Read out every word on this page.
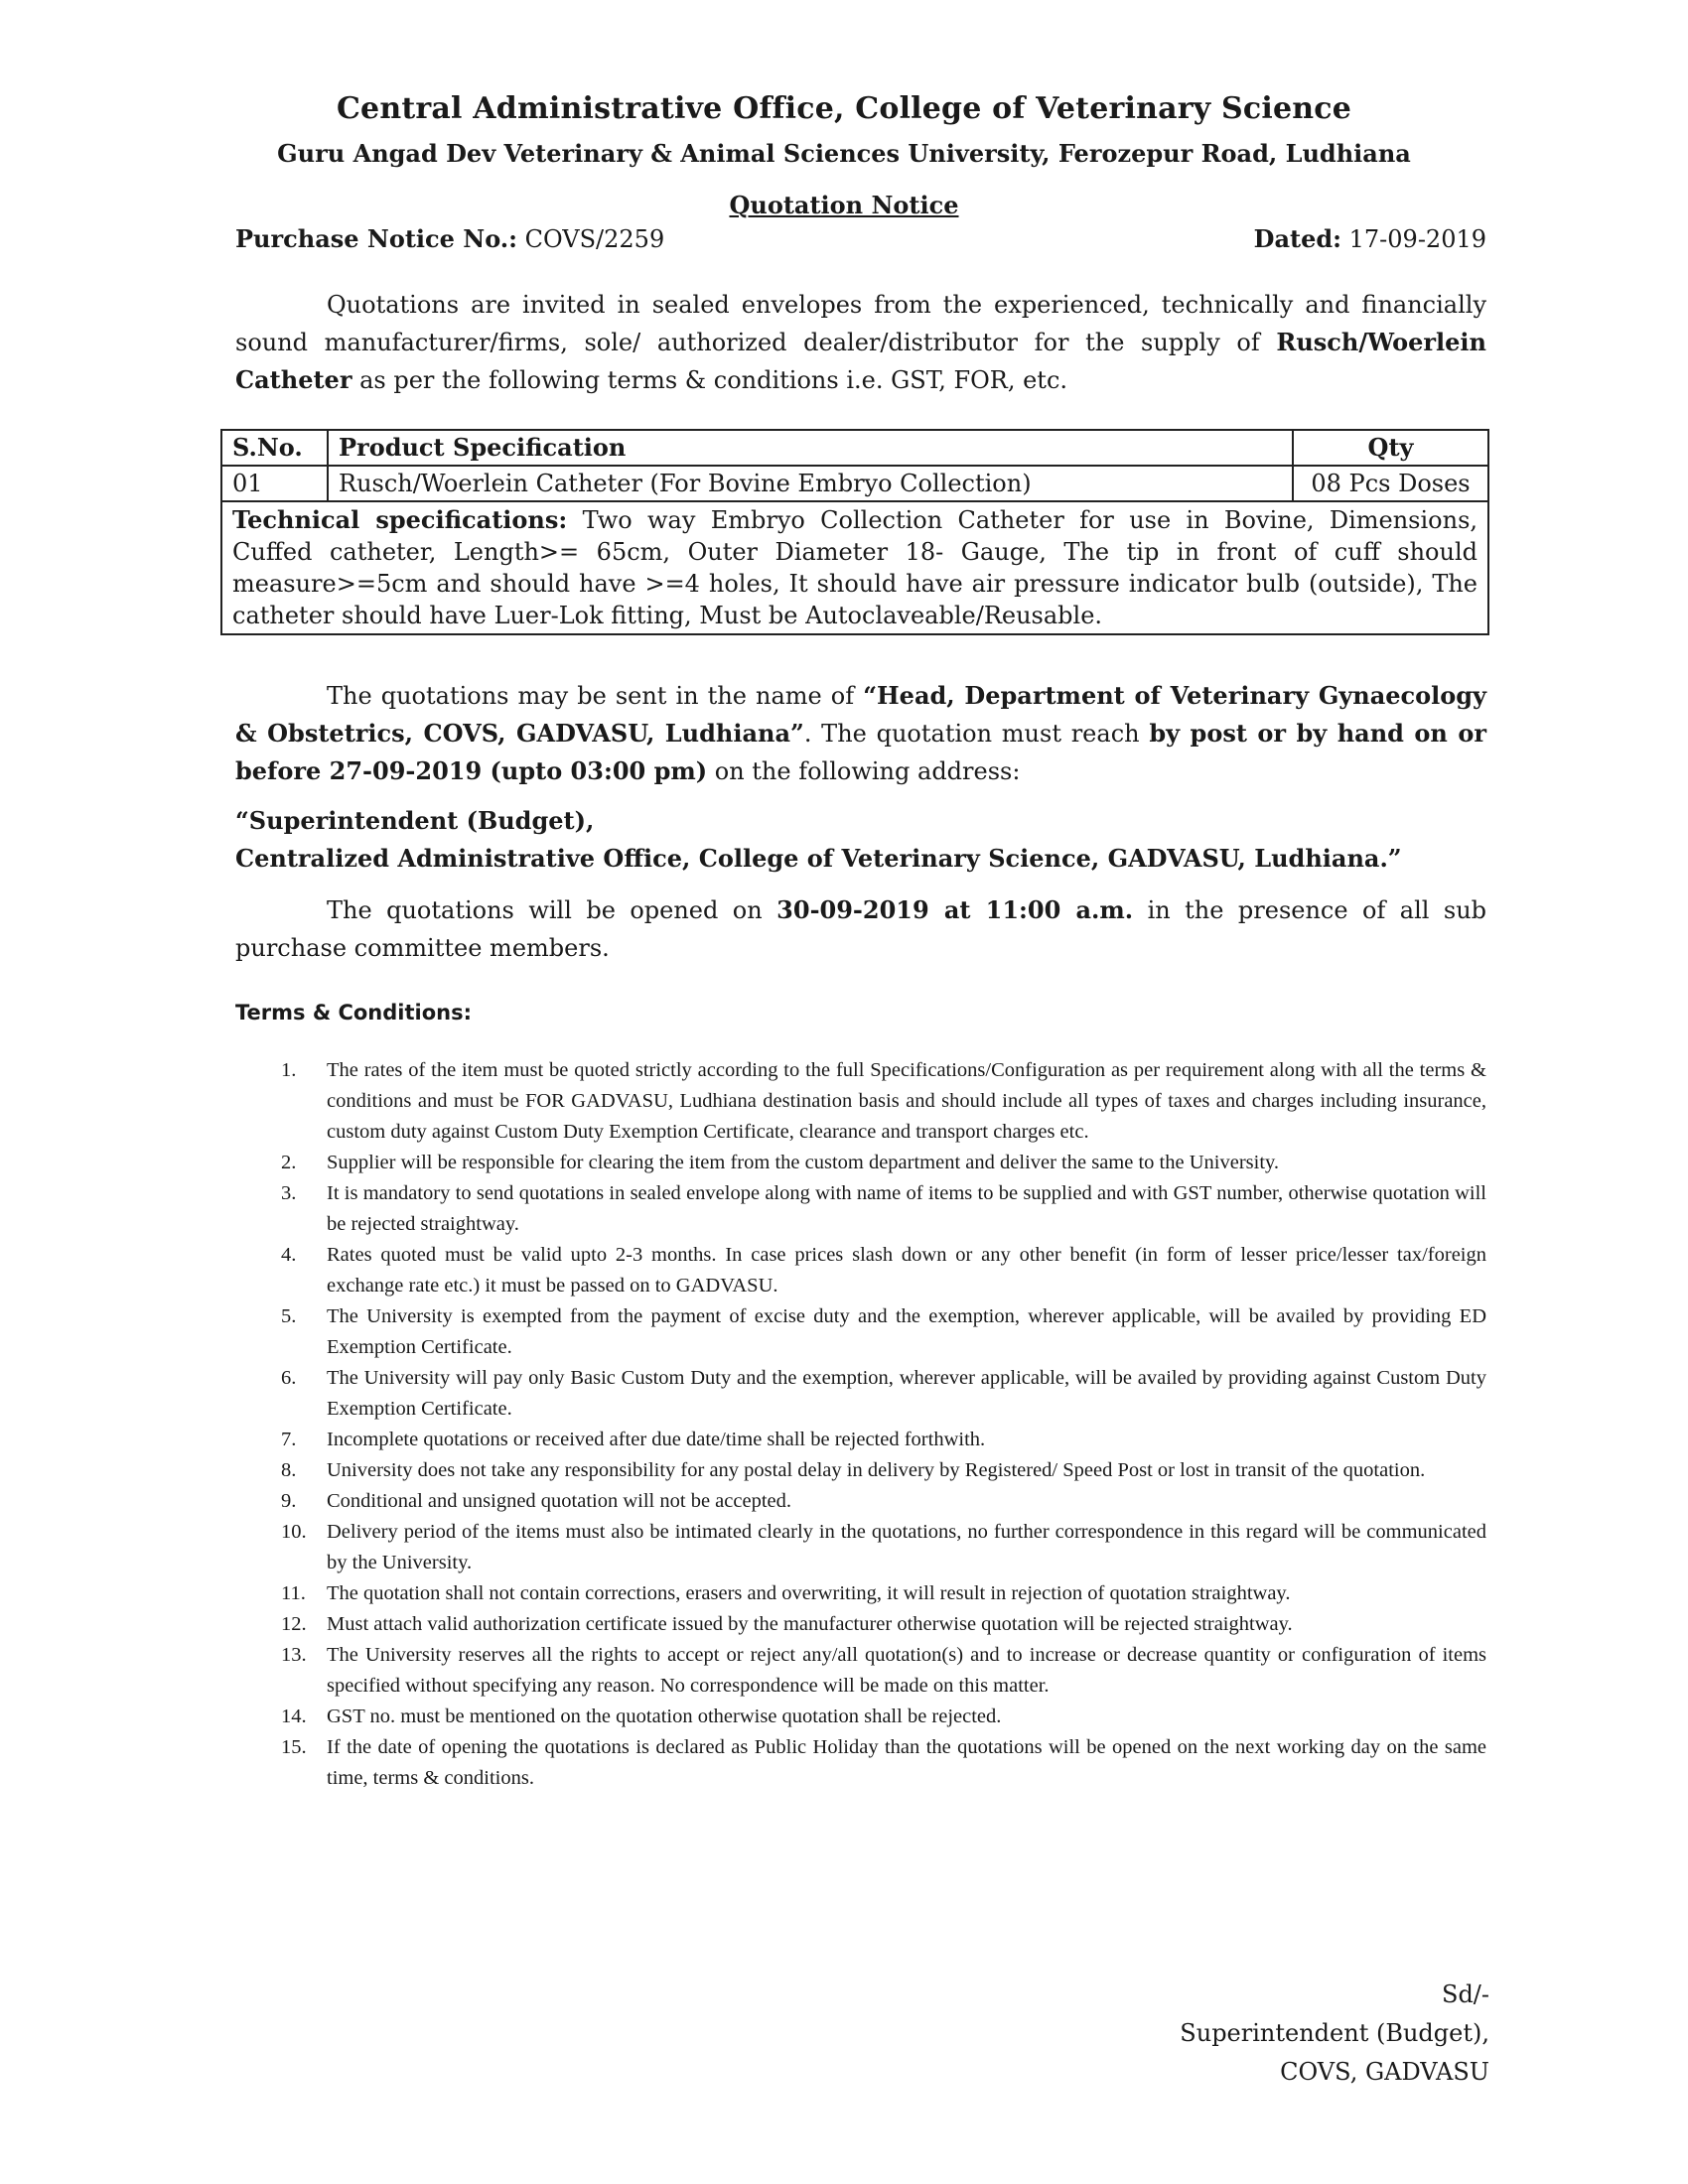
Central Administrative Office, College of Veterinary Science
Guru Angad Dev Veterinary & Animal Sciences University, Ferozepur Road, Ludhiana
Quotation Notice
Purchase Notice No.: COVS/2259	Dated: 17-09-2019
Quotations are invited in sealed envelopes from the experienced, technically and financially sound manufacturer/firms, sole/ authorized dealer/distributor for the supply of Rusch/Woerlein Catheter as per the following terms & conditions i.e. GST, FOR, etc.
S.No.	Product Specification	Qty
01	Rusch/Woerlein Catheter (For Bovine Embryo Collection)	08 Pcs Doses
Technical specifications: Two way Embryo Collection Catheter for use in Bovine, Dimensions, Cuffed catheter, Length>= 65cm, Outer Diameter 18- Gauge, The tip in front of cuff should measure>=5cm and should have >=4 holes, It should have air pressure indicator bulb (outside), The catheter should have Luer-Lok fitting, Must be Autoclaveable/Reusable.		
The quotations may be sent in the name of “Head, Department of Veterinary Gynaecology & Obstetrics, COVS, GADVASU, Ludhiana”. The quotation must reach by post or by hand on or before 27-09-2019 (upto 03:00 pm) on the following address:
“Superintendent (Budget),
Centralized Administrative Office, College of Veterinary Science, GADVASU, Ludhiana.”
The quotations will be opened on 30-09-2019 at 11:00 a.m. in the presence of all sub purchase committee members.
Terms & Conditions:
1. The rates of the item must be quoted strictly according to the full Specifications/Configuration as per requirement along with all the terms & conditions and must be FOR GADVASU, Ludhiana destination basis and should include all types of taxes and charges including insurance, custom duty against Custom Duty Exemption Certificate, clearance and transport charges etc.
2. Supplier will be responsible for clearing the item from the custom department and deliver the same to the University.
3. It is mandatory to send quotations in sealed envelope along with name of items to be supplied and with GST number, otherwise quotation will be rejected straightway.
4. Rates quoted must be valid upto 2-3 months. In case prices slash down or any other benefit (in form of lesser price/lesser tax/foreign exchange rate etc.) it must be passed on to GADVASU.
5. The University is exempted from the payment of excise duty and the exemption, wherever applicable, will be availed by providing ED Exemption Certificate.
6. The University will pay only Basic Custom Duty and the exemption, wherever applicable, will be availed by providing against Custom Duty Exemption Certificate.
7. Incomplete quotations or received after due date/time shall be rejected forthwith.
8. University does not take any responsibility for any postal delay in delivery by Registered/ Speed Post or lost in transit of the quotation.
9. Conditional and unsigned quotation will not be accepted.
10. Delivery period of the items must also be intimated clearly in the quotations, no further correspondence in this regard will be communicated by the University.
11. The quotation shall not contain corrections, erasers and overwriting, it will result in rejection of quotation straightway.
12. Must attach valid authorization certificate issued by the manufacturer otherwise quotation will be rejected straightway.
13. The University reserves all the rights to accept or reject any/all quotation(s) and to increase or decrease quantity or configuration of items specified without specifying any reason. No correspondence will be made on this matter.
14. GST no. must be mentioned on the quotation otherwise quotation shall be rejected.
15. If the date of opening the quotations is declared as Public Holiday than the quotations will be opened on the next working day on the same time, terms & conditions.
Sd/-
Superintendent (Budget),
COVS, GADVASU
